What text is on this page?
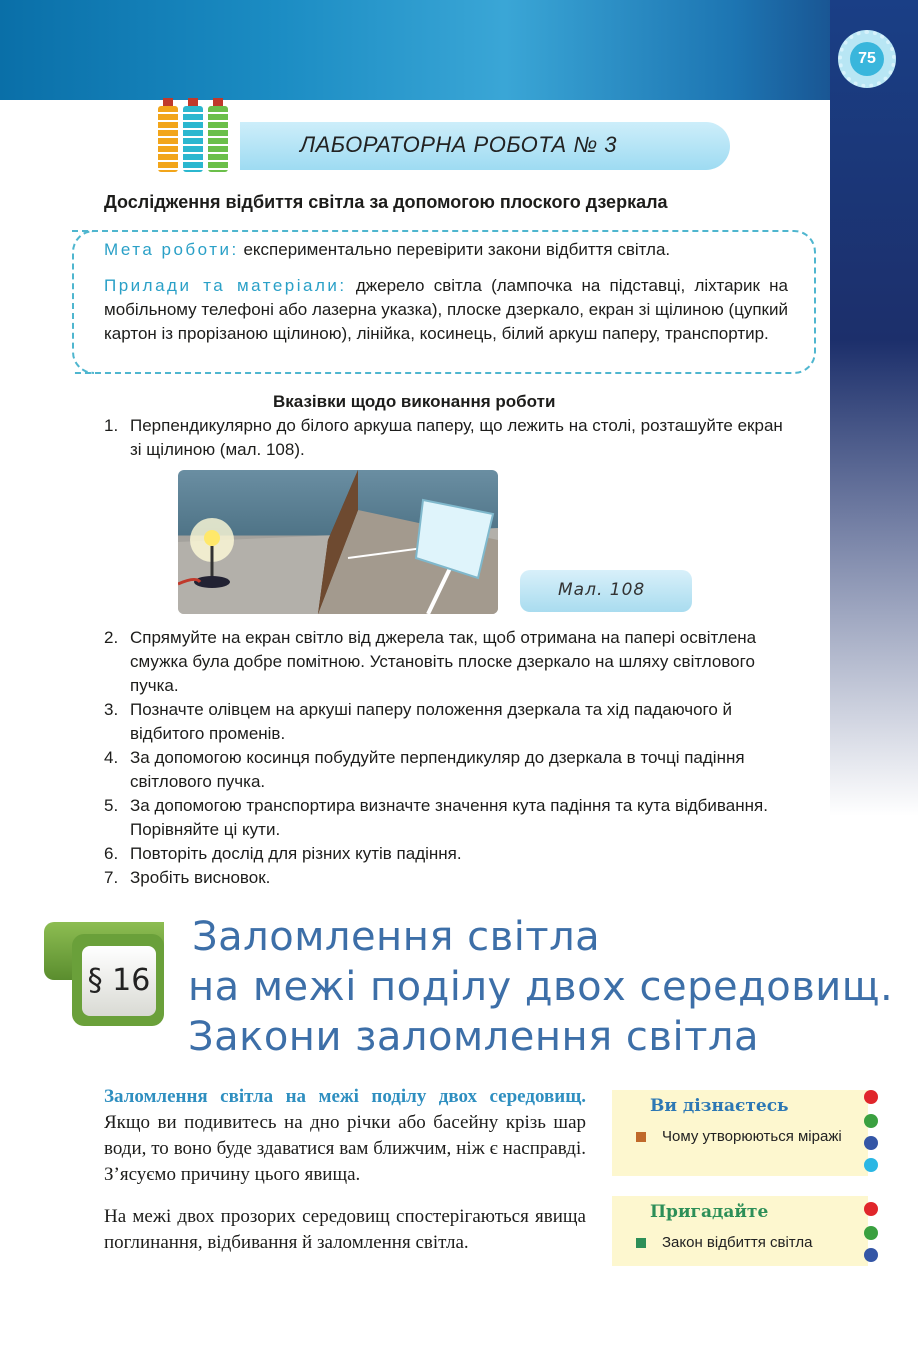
75
ЛАБОРАТОРНА РОБОТА № 3
Дослідження відбиття світла за допомогою плоского дзеркала
Мета роботи: експериментально перевірити закони відбиття світла.
Прилади та матеріали: джерело світла (лампочка на підставці, ліхтарик на мобільному телефоні або лазерна указка), плоске дзеркало, екран зі щілиною (цупкий картон із прорізаною щілиною), лінійка, косинець, білий аркуш паперу, транспортир.
Вказівки щодо виконання роботи
1. Перпендикулярно до білого аркуша паперу, що лежить на столі, розташуйте екран зі щілиною (мал. 108).
Мал. 108
2. Спрямуйте на екран світло від джерела так, щоб отримана на папері освітлена смужка була добре помітною. Установіть плоске дзеркало на шляху світлового пучка.
3. Позначте олівцем на аркуші паперу положення дзеркала та хід падаючого й відбитого променів.
4. За допомогою косинця побудуйте перпендикуляр до дзеркала в точці падіння світлового пучка.
5. За допомогою транспортира визначте значення кута падіння та кута відбивання. Порівняйте ці кути.
6. Повторіть дослід для різних кутів падіння.
7. Зробіть висновок.
§ 16
Заломлення світла
на межі поділу двох середовищ.
Закони заломлення світла
Заломлення світла на межі поділу двох середовищ. Якщо ви подивитесь на дно річки або басейну крізь шар води, то воно буде здаватися вам ближчим, ніж є насправді. З’ясуємо причину цього явища.
На межі двох прозорих середовищ спостерігаються явища поглинання, відбивання й заломлення світла.
Ви дізнаєтесь
Чому утворюються міражі
Пригадайте
Закон відбиття світла
